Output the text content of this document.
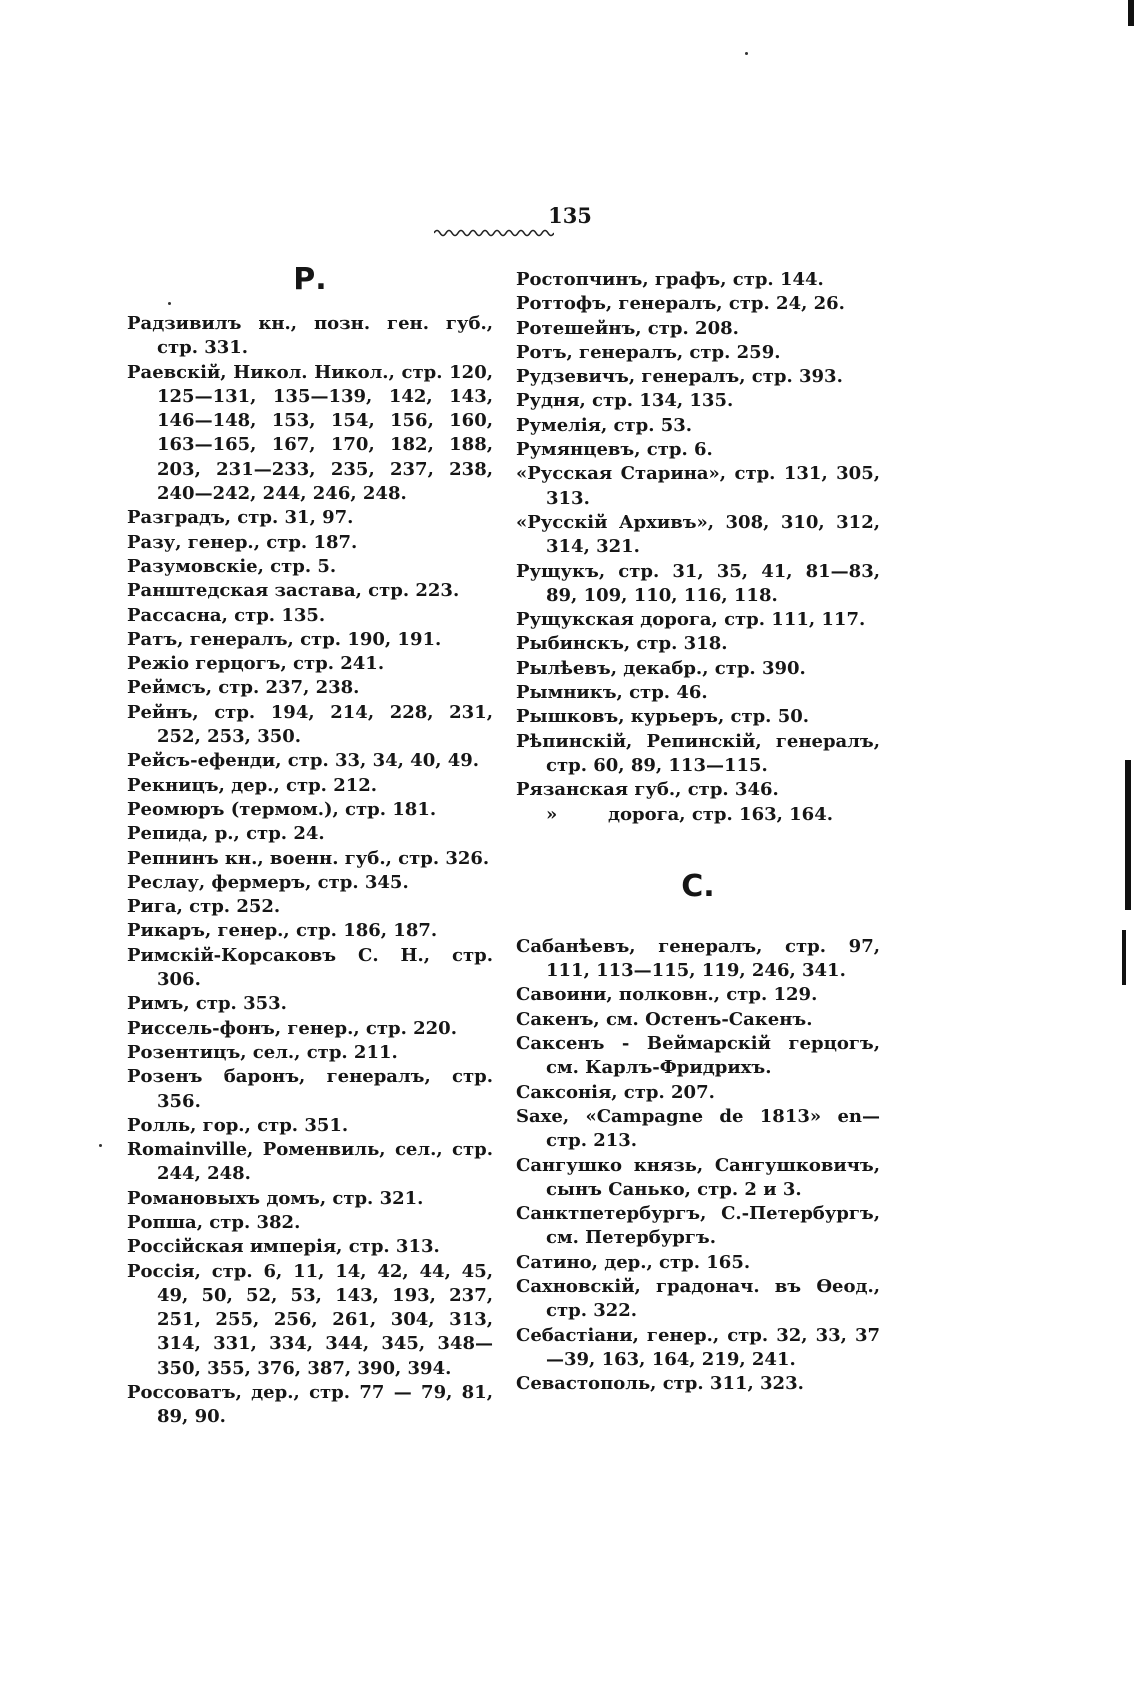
135
Р.
Радзивилъ кн., позн. ген. губ., стр. 331.
Раевскій, Никол. Никол., стр. 120, 125—131, 135—139, 142, 143, 146—148, 153, 154, 156, 160, 163—165, 167, 170, 182, 188, 203, 231—233, 235, 237, 238, 240—242, 244, 246, 248.
Разградъ, стр. 31, 97.
Разу, генер., стр. 187.
Разумовскіе, стр. 5.
Ранштедская застава, стр. 223.
Рассасна, стр. 135.
Ратъ, генералъ, стр. 190, 191.
Режіо герцогъ, стр. 241.
Реймсъ, стр. 237, 238.
Рейнъ, стр. 194, 214, 228, 231, 252, 253, 350.
Рейсъ-ефенди, стр. 33, 34, 40, 49.
Рекницъ, дер., стр. 212.
Реомюръ (термом.), стр. 181.
Репида, р., стр. 24.
Репнинъ кн., военн. губ., стр. 326.
Реслау, фермеръ, стр. 345.
Рига, стр. 252.
Рикаръ, генер., стр. 186, 187.
Римскій-Корсаковъ С. Н., стр. 306.
Римъ, стр. 353.
Риссель-фонъ, генер., стр. 220.
Розентицъ, сел., стр. 211.
Розенъ баронъ, генералъ, стр. 356.
Ролль, гор., стр. 351.
Romainville, Роменвиль, сел., стр. 244, 248.
Романовыхъ домъ, стр. 321.
Ропша, стр. 382.
Россійская имперія, стр. 313.
Россія, стр. 6, 11, 14, 42, 44, 45, 49, 50, 52, 53, 143, 193, 237, 251, 255, 256, 261, 304, 313, 314, 331, 334, 344, 345, 348—350, 355, 376, 387, 390, 394.
Россоватъ, дер., стр. 77 — 79, 81, 89, 90.
Ростопчинъ, графъ, стр. 144.
Роттофъ, генералъ, стр. 24, 26.
Ротешейнъ, стр. 208.
Ротъ, генералъ, стр. 259.
Рудзевичъ, генералъ, стр. 393.
Рудня, стр. 134, 135.
Румелія, стр. 53.
Румянцевъ, стр. 6.
«Русская Старина», стр. 131, 305, 313.
«Русскій Архивъ», 308, 310, 312, 314, 321.
Рущукъ, стр. 31, 35, 41, 81—83, 89, 109, 110, 116, 118.
Рущукская дорога, стр. 111, 117.
Рыбинскъ, стр. 318.
Рылѣевъ, декабр., стр. 390.
Рымникъ, стр. 46.
Рышковъ, курьеръ, стр. 50.
Рѣпинскій, Репинскій, генералъ, стр. 60, 89, 113—115.
Рязанская губ., стр. 346.
»	дорога, стр. 163, 164.
С.
Сабанѣевъ, генералъ, стр. 97, 111, 113—115, 119, 246, 341.
Савоини, полковн., стр. 129.
Сакенъ, см. Остенъ-Сакенъ.
Саксенъ - Веймарскій герцогъ, см. Карлъ-Фридрихъ.
Саксонія, стр. 207.
Saxe, «Campagne de 1813» en— стр. 213.
Сангушко князь, Сангушковичъ, сынъ Санько, стр. 2 и 3.
Санктпетербургъ, С.-Петербургъ, см. Петербургъ.
Сатино, дер., стр. 165.
Сахновскій, градонач. въ Ѳеод., стр. 322.
Себастіани, генер., стр. 32, 33, 37—39, 163, 164, 219, 241.
Севастополь, стр. 311, 323.
